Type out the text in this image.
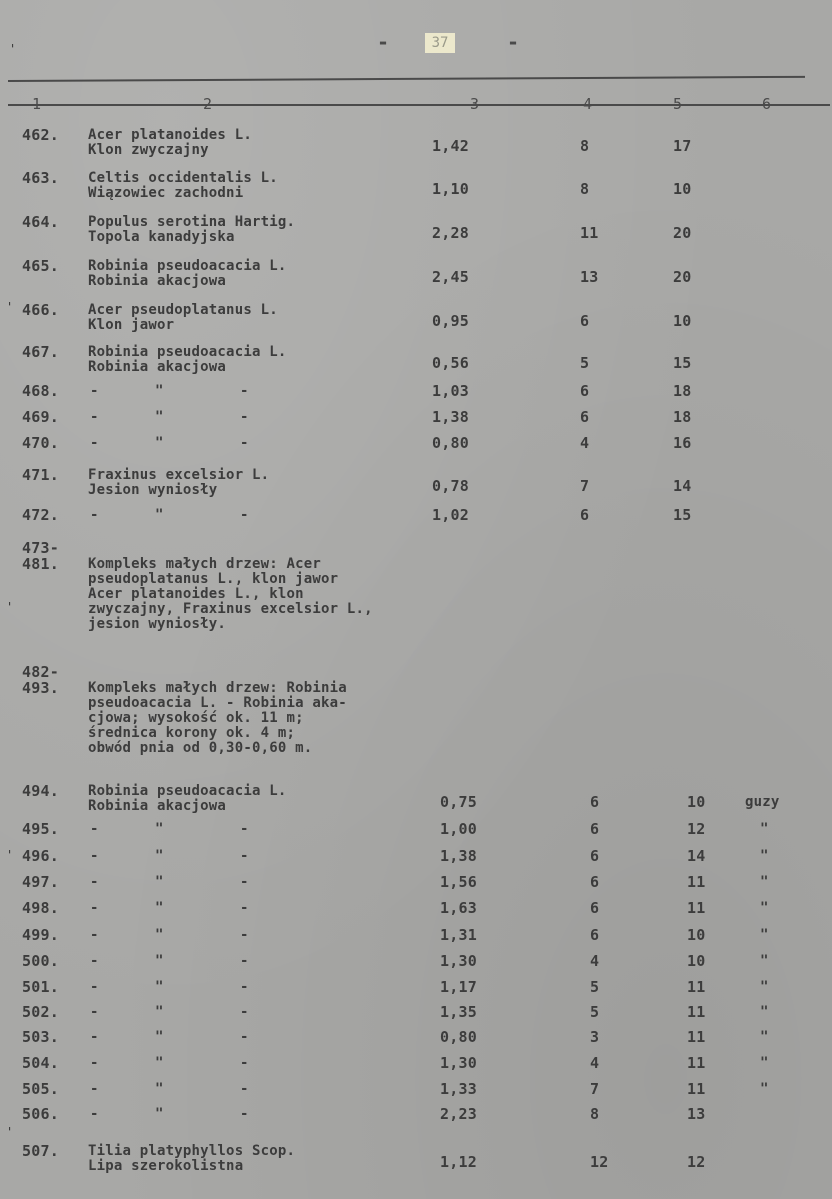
-	37	-
1	2	3	4	5	6
'
'
'
'
'
462. Acer platanoides L.
Klon zwyczajny	1,42	8	17
463. Celtis occidentalis L.
Wiązowiec zachodni	1,10	8	10
464. Populus serotina Hartig.
Topola kanadyjska	2,28	11	20
465. Robinia pseudoacacia L.
Robinia akacjowa	2,45	13	20
466. Acer pseudoplatanus L.
Klon jawor	0,95	6	10
467. Robinia pseudoacacia L.
Robinia akacjowa	0,56	5	15
468. -	"	-	1,03	6	18
469. -	"	-	1,38	6	18
470. -	"	-	0,80	4	16
471. Fraxinus excelsior L.
Jesion wyniosły	0,78	7	14
472. -	"	-	1,02	6	15
473-
481. Kompleks małych drzew: Acer
pseudoplatanus L., klon jawor
Acer platanoides L., klon
zwyczajny, Fraxinus excelsior L.,
jesion wyniosły.
482-
493. Kompleks małych drzew: Robinia
pseudoacacia L. - Robinia aka-
cjowa; wysokość ok. 11 m;
średnica korony ok. 4 m;
obwód pnia od 0,30-0,60 m.
494. Robinia pseudoacacia L.
Robinia akacjowa	0,75	6	10	guzy
495. -	"	-	1,00	6	12	"
496. -	"	-	1,38	6	14	"
497. -	"	-	1,56	6	11	"
498. -	"	-	1,63	6	11	"
499. -	"	-	1,31	6	10	"
500. -	"	-	1,30	4	10	"
501. -	"	-	1,17	5	11	"
502. -	"	-	1,35	5	11	"
503. -	"	-	0,80	3	11	"
504. -	"	-	1,30	4	11	"
505. -	"	-	1,33	7	11	"
506. -	"	-	2,23	8	13
507. Tilia platyphyllos Scop.
Lipa szerokolistna	1,12	12	12
